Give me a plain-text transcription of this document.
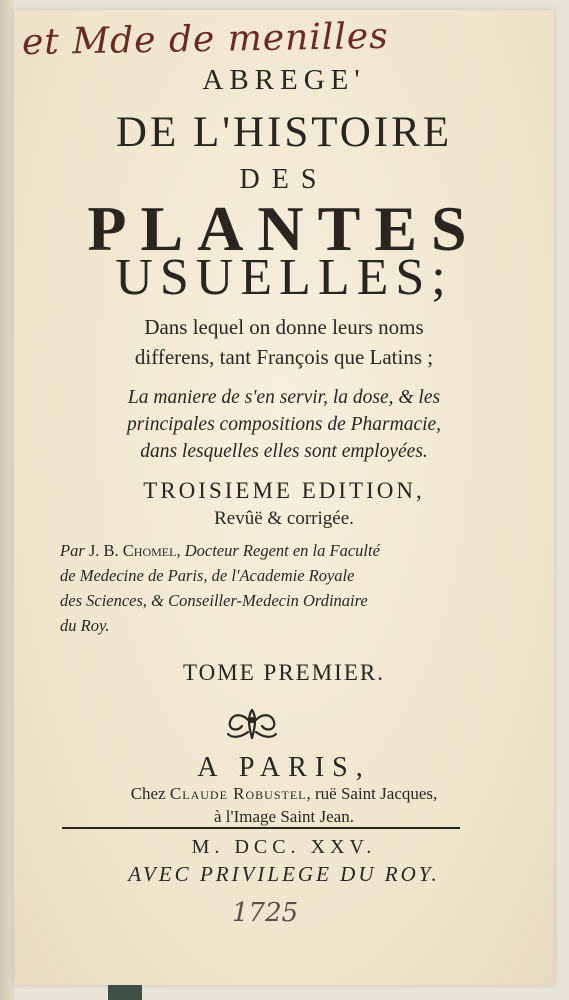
et Mde de menilles
ABREGE'
DE L'HISTOIRE
DES
PLANTES
USUELLES;
Dans lequel on donne leurs noms
differens, tant François que Latins ;
La maniere de s'en servir, la dose, & les
principales compositions de Pharmacie,
dans lesquelles elles sont employées.
TROISIEME EDITION,
Revûë & corrigée.
Par J. B. Chomel, Docteur Regent en la Faculté
de Medecine de Paris, de l'Academie Royale
des Sciences, & Conseiller-Medecin Ordinaire
du Roy.
TOME PREMIER.
A PARIS,
Chez Claude Robustel, ruë Saint Jacques,
à l'Image Saint Jean.
M. DCC. XXV.
AVEC PRIVILEGE DU ROY.
1725
